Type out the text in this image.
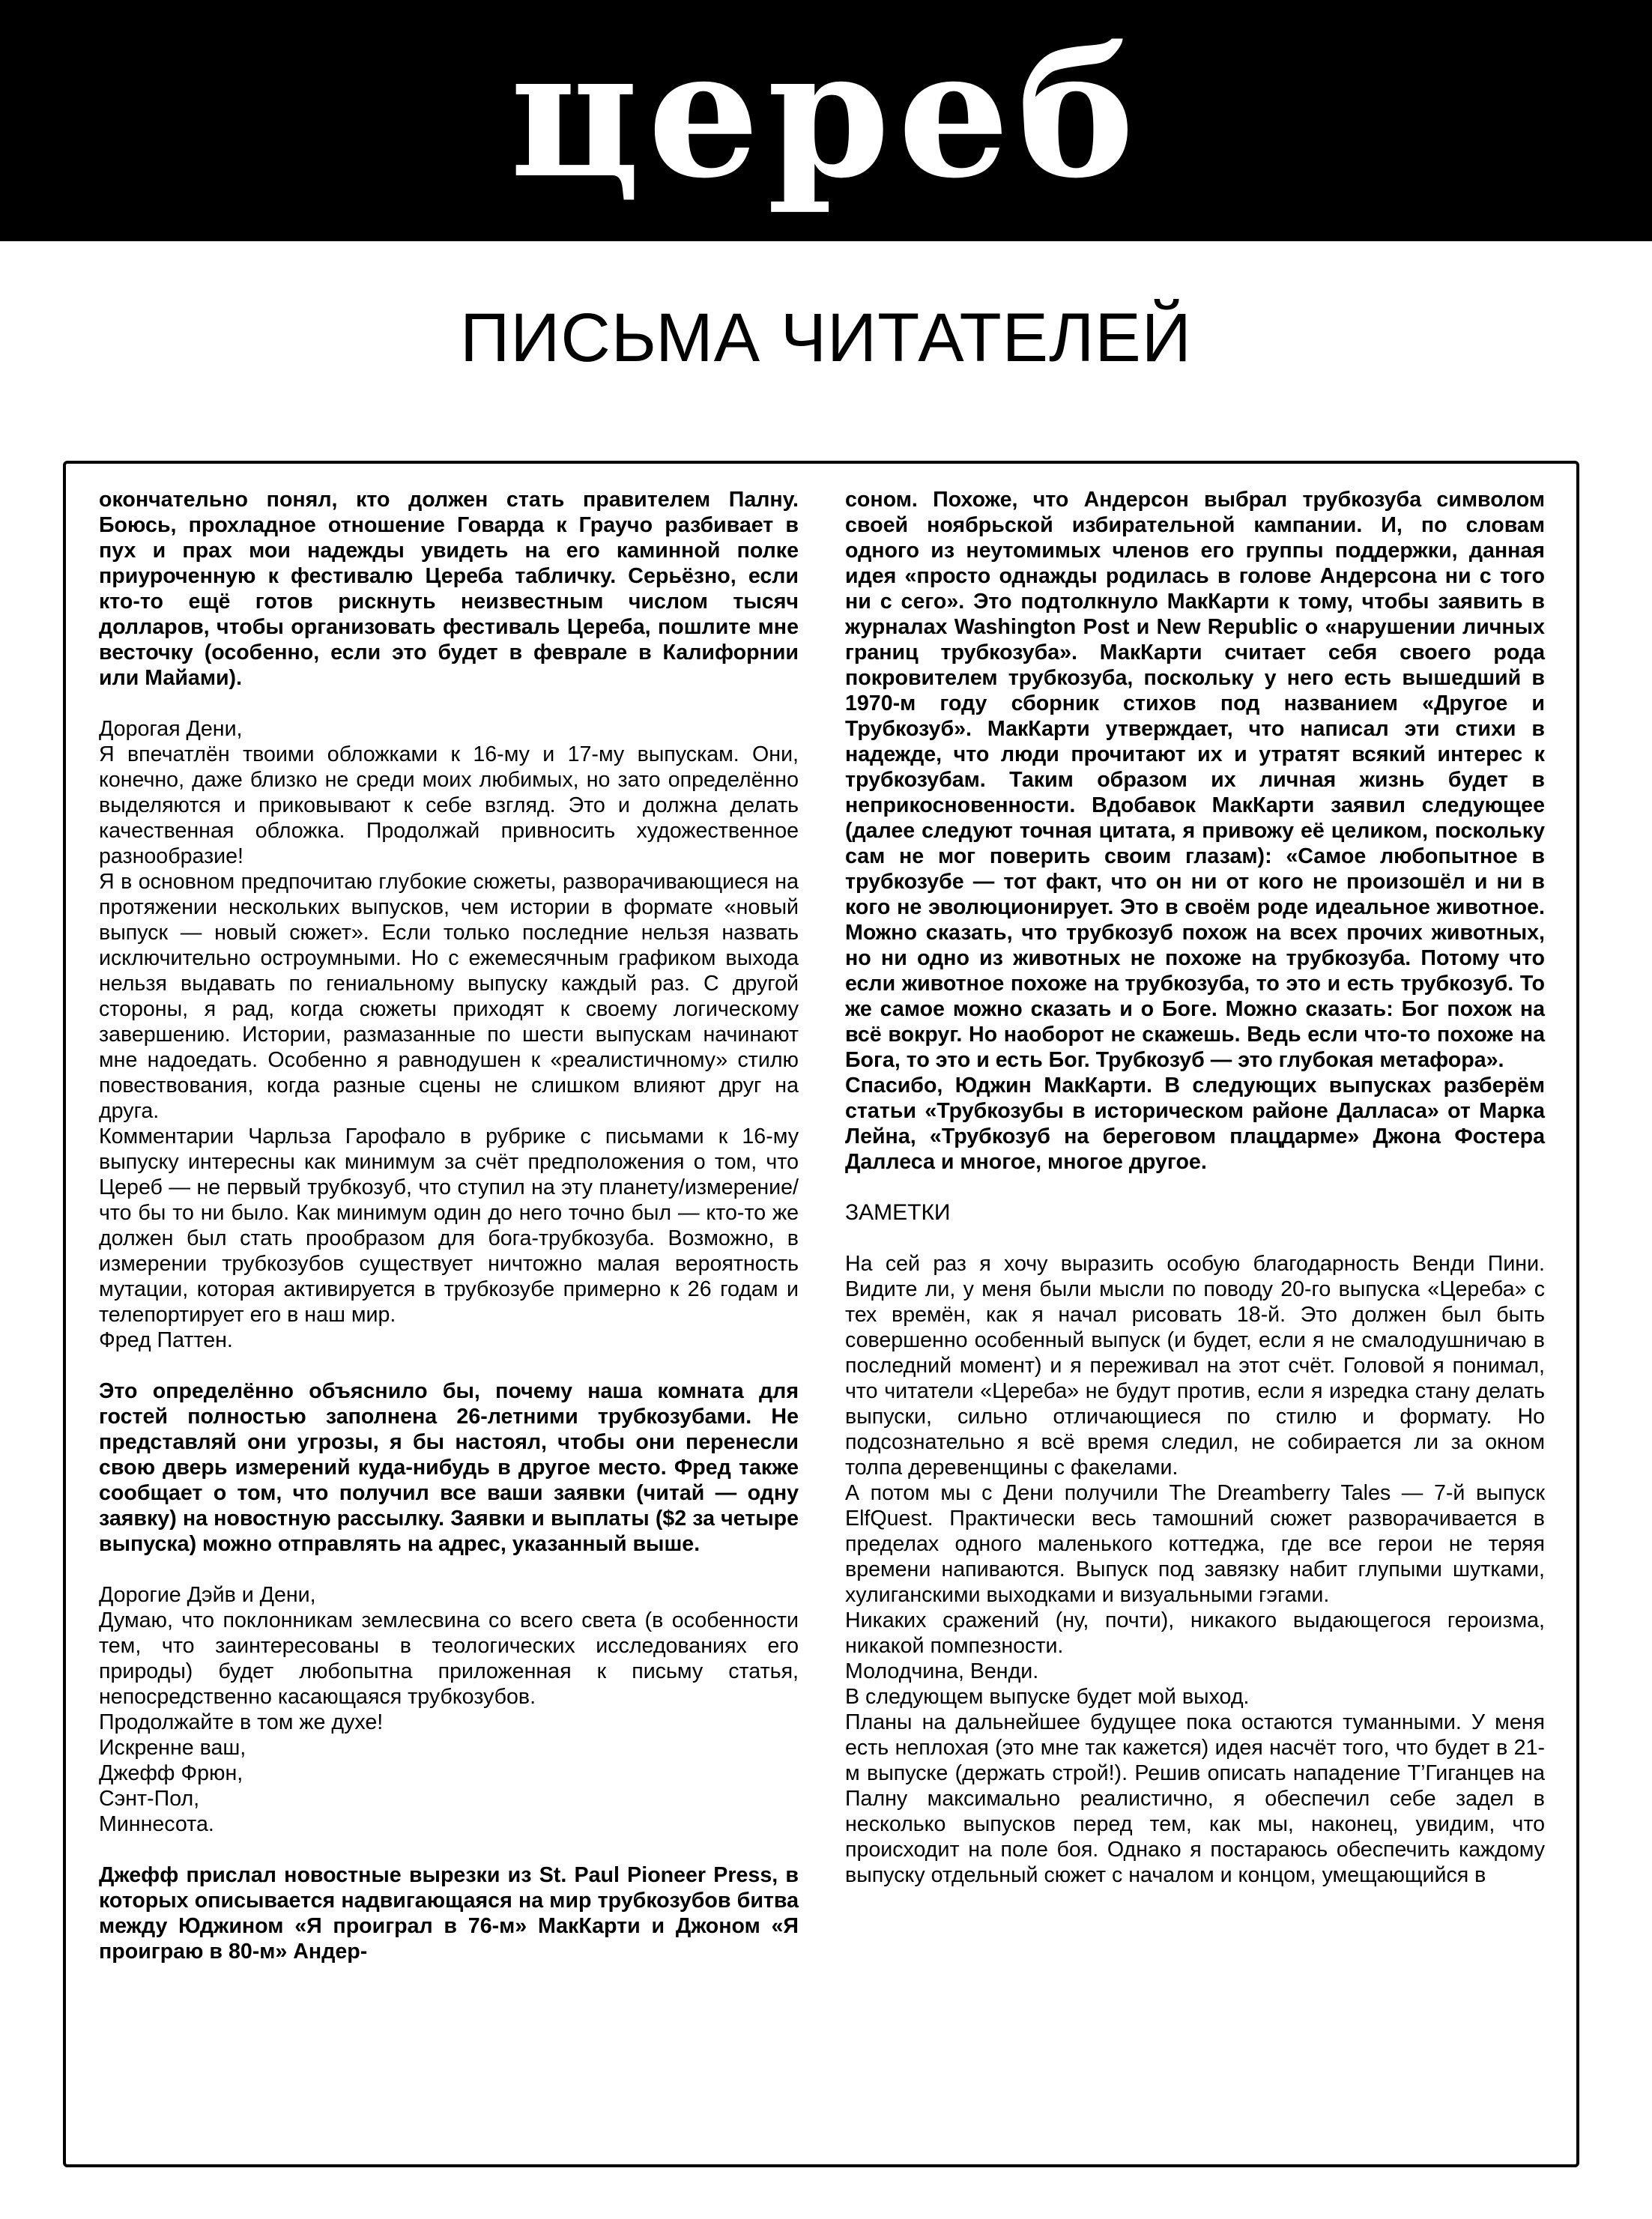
цереб
ПИСЬМА ЧИТАТЕЛЕЙ

окончательно понял, кто должен стать правителем Палну. Боюсь, прохладное отношение Говарда к Граучо разбивает в пух и прах мои надежды увидеть на его каминной полке приуроченную к фестивалю Цереба табличку. Серьёзно, если кто-то ещё готов рискнуть неизвестным числом тысяч долларов, чтобы организовать фестиваль Цереба, пошлите мне весточку (особенно, если это будет в феврале в Калифорнии или Майами).

Дорогая Дени,

Я впечатлён твоими обложками к 16-му и 17-му выпускам. Они, конечно, даже близко не среди моих любимых, но зато определённо выделяются и приковывают к себе взгляд. Это и должна делать качественная обложка. Продолжай привносить художественное разнообразие!

Я в основном предпочитаю глубокие сюжеты, разворачивающиеся на протяжении нескольких выпусков, чем истории в формате «новый выпуск — новый сюжет». Если только последние нельзя назвать исключительно остроумными. Но с ежемесячным графиком выхода нельзя выдавать по гениальному выпуску каждый раз. С другой стороны, я рад, когда сюжеты приходят к своему логическому завершению. Истории, размазанные по шести выпускам начинают мне надоедать. Особенно я равнодушен к «реалистичному» стилю повествования, когда разные сцены не слишком влияют друг на друга.

Комментарии Чарльза Гарофало в рубрике с письмами к 16-му выпуску интересны как минимум за счёт предположения о том, что Цереб — не первый трубкозуб, что ступил на эту планету/измерение/что бы то ни было. Как минимум один до него точно был — кто-то же должен был стать прообразом для бога-трубкозуба. Возможно, в измерении трубкозубов существует ничтожно малая вероятность мутации, которая активируется в трубкозубе примерно к 26 годам и телепортирует его в наш мир.

Фред Паттен.

Это определённо объяснило бы, почему наша комната для гостей полностью заполнена 26-летними трубкозубами. Не представляй они угрозы, я бы настоял, чтобы они перенесли свою дверь измерений куда-нибудь в другое место. Фред также сообщает о том, что получил все ваши заявки (читай — одну заявку) на новостную рассылку. Заявки и выплаты ($2 за четыре выпуска) можно отправлять на адрес, указанный выше.

Дорогие Дэйв и Дени,

Думаю, что поклонникам землесвина со всего света (в особенности тем, что заинтересованы в теологических исследованиях его природы) будет любопытна приложенная к письму статья, непосредственно касающаяся трубкозубов.

Продолжайте в том же духе!

Искренне ваш,

Джефф Фрюн,

Сэнт-Пол,

Миннесота.

Джефф прислал новостные вырезки из St. Paul Pioneer Press, в которых описывается надвигающаяся на мир трубкозубов битва между Юджином «Я проиграл в 76-м» МакКарти и Джоном «Я проиграю в 80-м» Андер-

соном. Похоже, что Андерсон выбрал трубкозуба символом своей ноябрьской избирательной кампании. И, по словам одного из неутомимых членов его группы поддержки, данная идея «просто однажды родилась в голове Андерсона ни с того ни с сего». Это подтолкнуло МакКарти к тому, чтобы заявить в журналах Washington Post и New Republic о «нарушении личных границ трубкозуба». МакКарти считает себя своего рода покровителем трубкозуба, поскольку у него есть вышедший в 1970-м году сборник стихов под названием «Другое и Трубкозуб». МакКарти утверждает, что написал эти стихи в надежде, что люди прочитают их и утратят всякий интерес к трубкозубам. Таким образом их личная жизнь будет в неприкосновенности. Вдобавок МакКарти заявил следующее (далее следуют точная цитата, я привожу её целиком, поскольку сам не мог поверить своим глазам): «Самое любопытное в трубкозубе — тот факт, что он ни от кого не произошёл и ни в кого не эволюционирует. Это в своём роде идеальное животное. Можно сказать, что трубкозуб похож на всех прочих животных, но ни одно из животных не похоже на трубкозуба. Потому что если животное похоже на трубкозуба, то это и есть трубкозуб. То же самое можно сказать и о Боге. Можно сказать: Бог похож на всё вокруг. Но наоборот не скажешь. Ведь если что-то похоже на Бога, то это и есть Бог. Трубкозуб — это глубокая метафора».

Спасибо, Юджин МакКарти. В следующих выпусках разберём статьи «Трубкозубы в историческом районе Далласа» от Марка Лейна, «Трубкозуб на береговом плацдарме» Джона Фостера Даллеса и многое, многое другое.

ЗАМЕТКИ

На сей раз я хочу выразить особую благодарность Венди Пини. Видите ли, у меня были мысли по поводу 20-го выпуска «Цереба» с тех времён, как я начал рисовать 18-й. Это должен был быть совершенно особенный выпуск (и будет, если я не смалодушничаю в последний момент) и я переживал на этот счёт. Головой я понимал, что читатели «Цереба» не будут против, если я изредка стану делать выпуски, сильно отличающиеся по стилю и формату. Но подсознательно я всё время следил, не собирается ли за окном толпа деревенщины с факелами.

А потом мы с Дени получили The Dreamberry Tales — 7-й выпуск ElfQuest. Практически весь тамошний сюжет разворачивается в пределах одного маленького коттеджа, где все герои не теряя времени напиваются. Выпуск под завязку набит глупыми шутками, хулиганскими выходками и визуальными гэгами.

Никаких сражений (ну, почти), никакого выдающегося героизма, никакой помпезности.

Молодчина, Венди.

В следующем выпуске будет мой выход.

Планы на дальнейшее будущее пока остаются туманными. У меня есть неплохая (это мне так кажется) идея насчёт того, что будет в 21-м выпуске (держать строй!). Решив описать нападение Т’Гиганцев на Палну максимально реалистично, я обеспечил себе задел в несколько выпусков перед тем, как мы, наконец, увидим, что происходит на поле боя. Однако я постараюсь обеспечить каждому выпуску отдельный сюжет с началом и концом, умещающийся в
